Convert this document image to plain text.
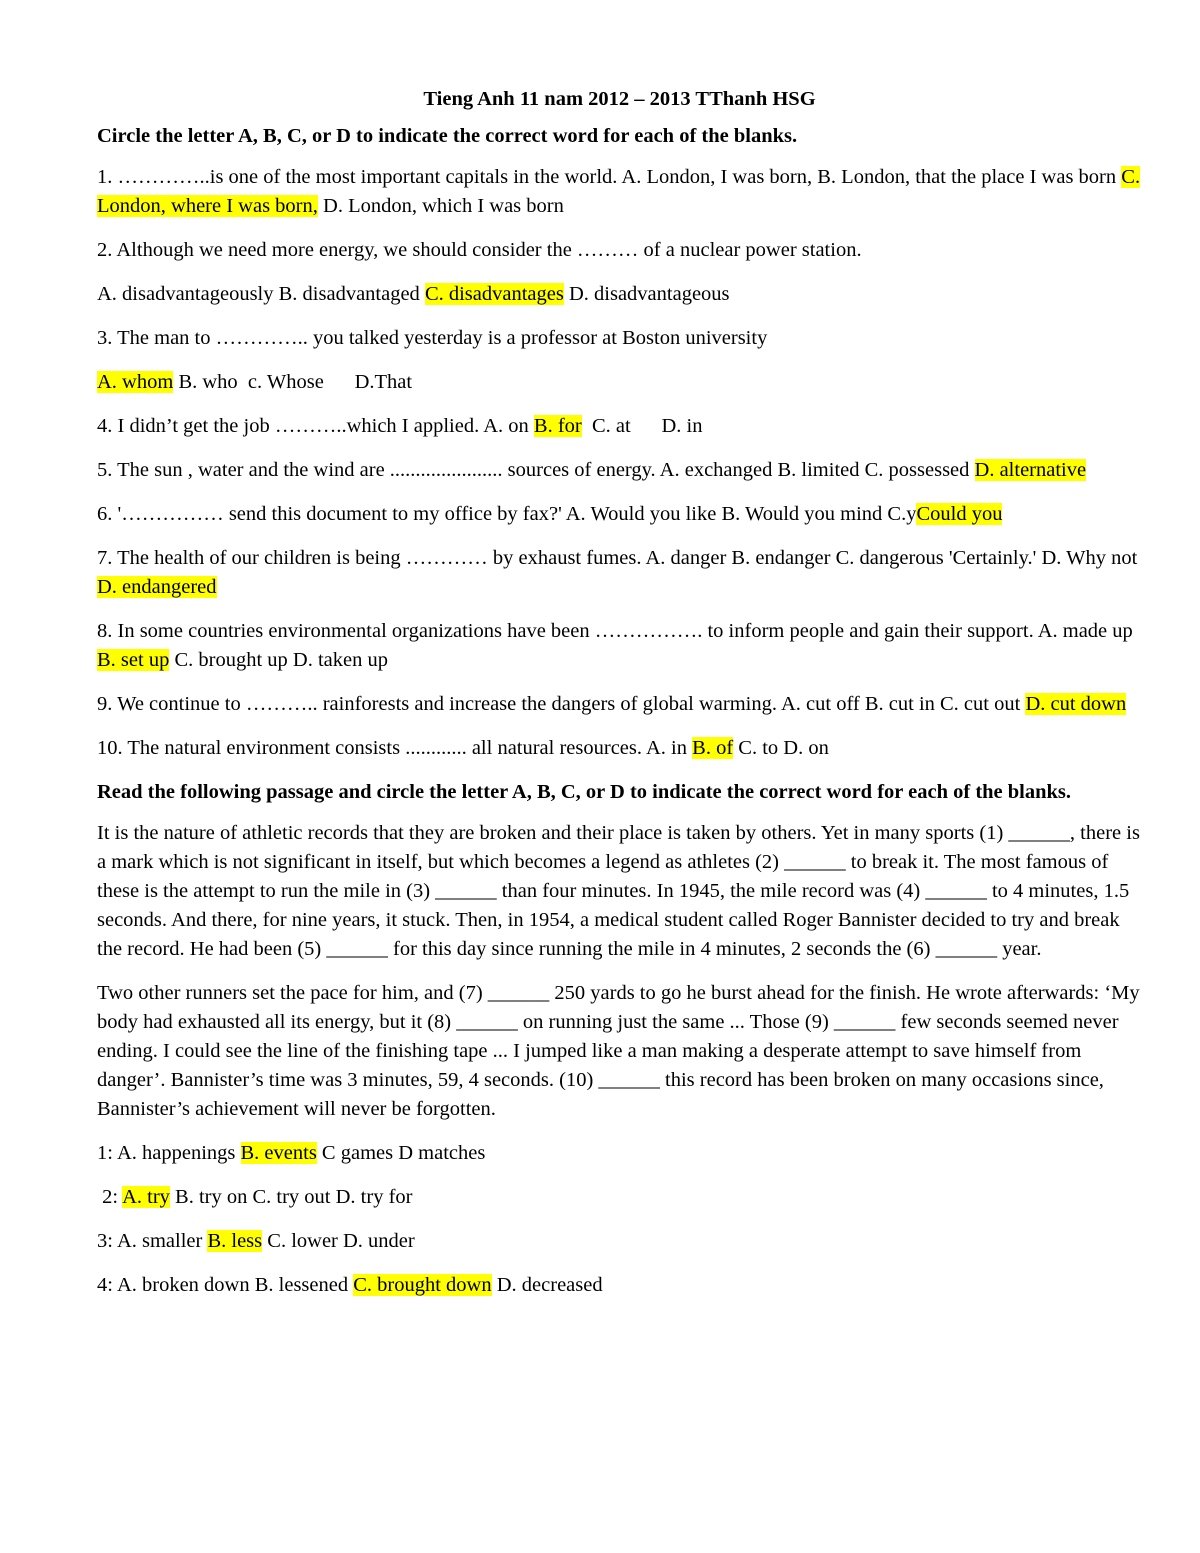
Tieng Anh 11 nam 2012 – 2013 TThanh HSG
Circle the letter A, B, C, or D to indicate the correct word for each of the blanks.

1. …………..is one of the most important capitals in the world. A. London, I was born, B. London, that the place I was born C. London, where I was born, D. London, which I was born

2. Although we need more energy, we should consider the ……… of a nuclear power station.

A. disadvantageously B. disadvantaged C. disadvantages D. disadvantageous

3. The man to ………….. you talked yesterday is a professor at Boston university

A. whom B. who  c. Whose      D.That

4. I didn’t get the job ………..which I applied. A. on B. for  C. at      D. in

5. The sun , water and the wind are ...................... sources of energy. A. exchanged B. limited C. possessed D. alternative

6. '…………… send this document to my office by fax?' A. Would you like B. Would you mind C.yCould you

7. The health of our children is being ………… by exhaust fumes. A. danger B. endanger C. dangerous 'Certainly.' D. Why not D. endangered

8. In some countries environmental organizations have been ……………. to inform people and gain their support. A. made up B. set up C. brought up D. taken up

9. We continue to ……….. rainforests and increase the dangers of global warming. A. cut off B. cut in C. cut out D. cut down

10. The natural environment consists ............ all natural resources. A. in B. of C. to D. on

Read the following passage and circle the letter A, B, C, or D to indicate the correct word for each of the blanks.

It is the nature of athletic records that they are broken and their place is taken by others. Yet in many sports (1) ______, there is a mark which is not significant in itself, but which becomes a legend as athletes (2) ______ to break it. The most famous of these is the attempt to run the mile in (3) ______ than four minutes. In 1945, the mile record was (4) ______ to 4 minutes, 1.5 seconds. And there, for nine years, it stuck. Then, in 1954, a medical student called Roger Bannister decided to try and break the record. He had been (5) ______ for this day since running the mile in 4 minutes, 2 seconds the (6) ______ year.

Two other runners set the pace for him, and (7) ______ 250 yards to go he burst ahead for the finish. He wrote afterwards: ‘My body had exhausted all its energy, but it (8) ______ on running just the same ... Those (9) ______ few seconds seemed never ending. I could see the line of the finishing tape ... I jumped like a man making a desperate attempt to save himself from danger’. Bannister’s time was 3 minutes, 59, 4 seconds. (10) ______ this record has been broken on many occasions since, Bannister’s achievement will never be forgotten.

1: A. happenings B. events C games D matches

2: A. try B. try on C. try out D. try for

3: A. smaller B. less C. lower D. under

4: A. broken down B. lessened C. brought down D. decreased
